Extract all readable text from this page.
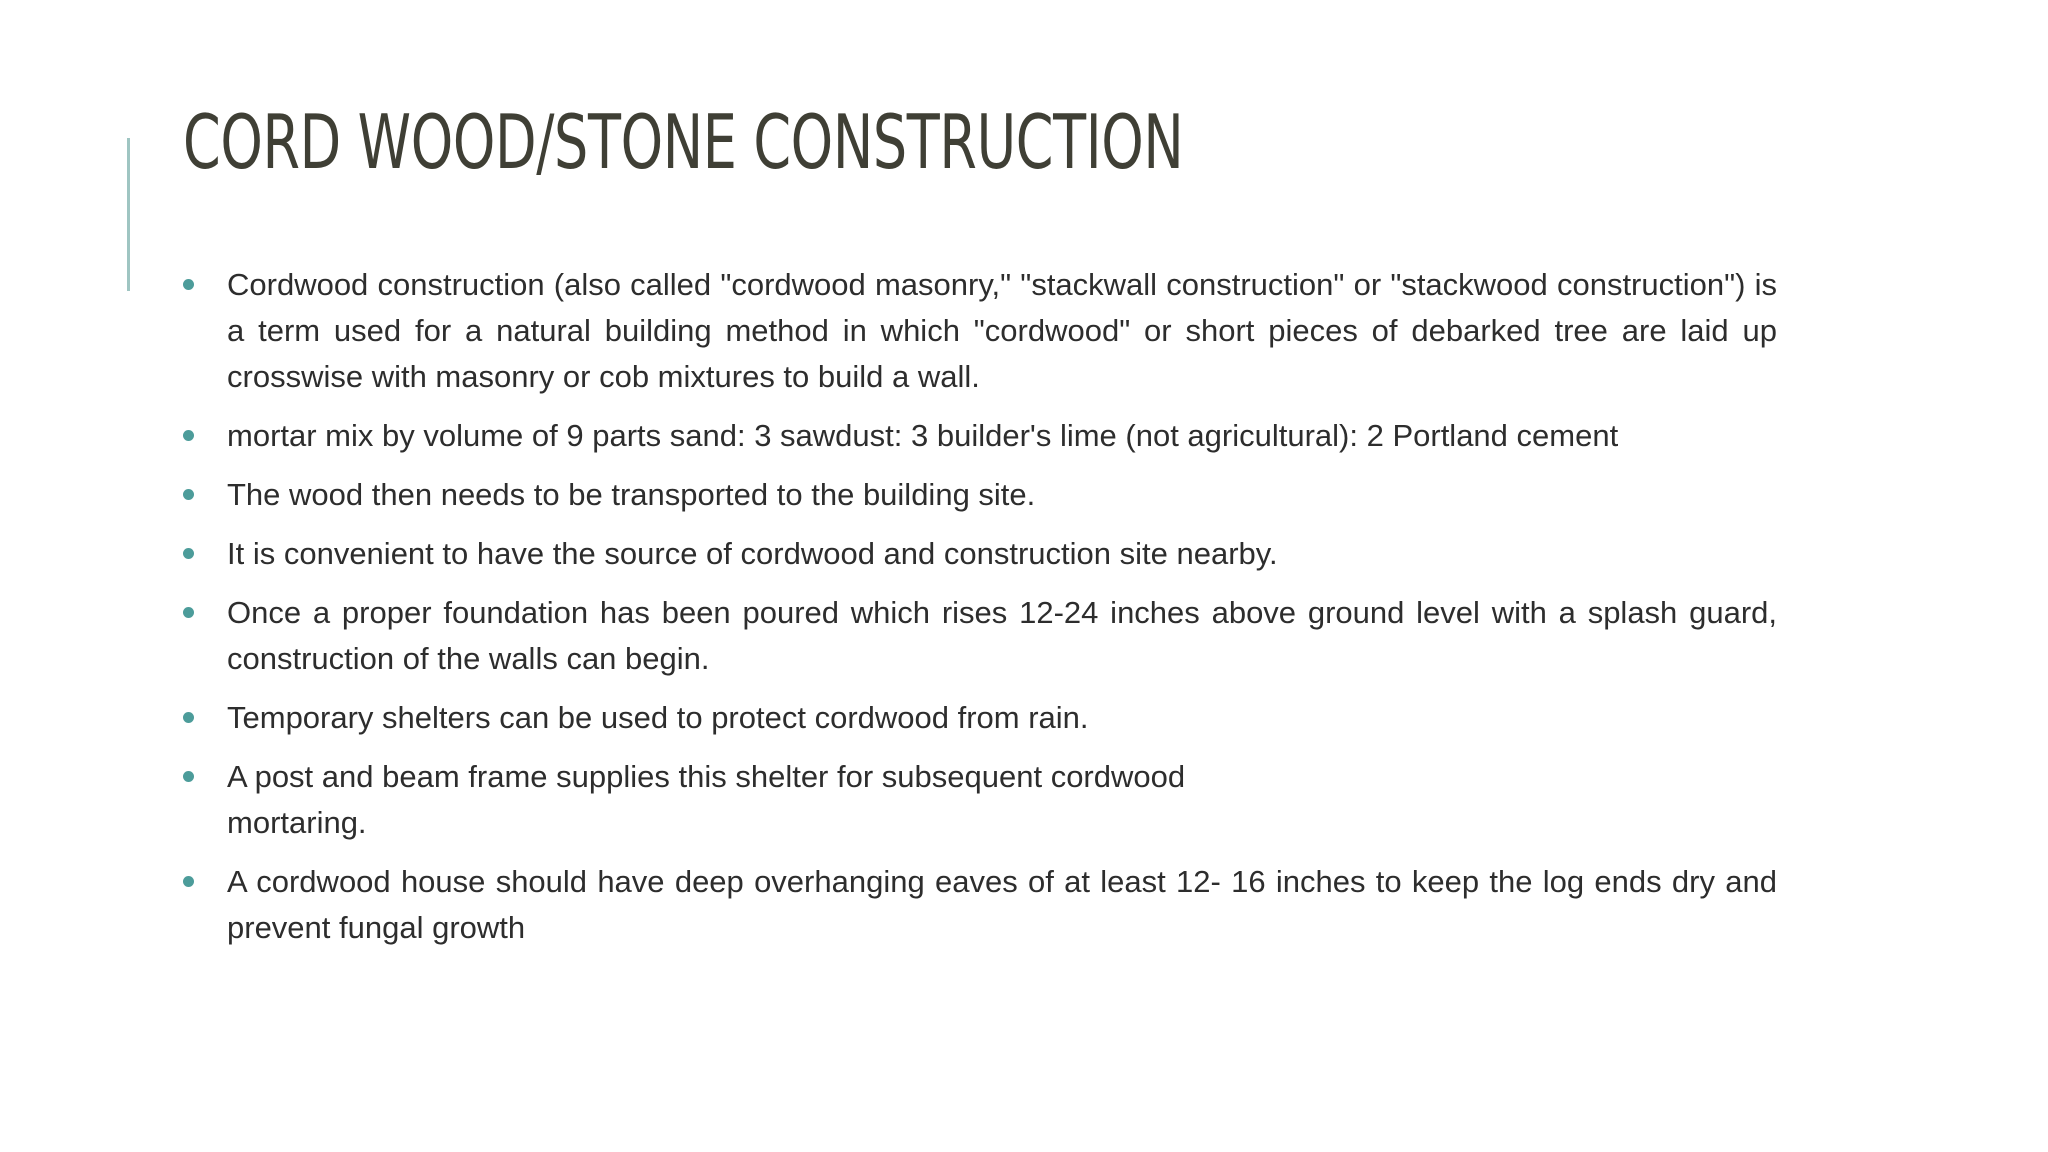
CORD WOOD/STONE CONSTRUCTION
Cordwood construction (also called "cordwood masonry," "stackwall construction" or "stackwood construction") is a term used for a natural building method in which "cordwood" or short pieces of debarked tree are laid up crosswise with masonry or cob mixtures to build a wall.
mortar mix by volume of 9 parts sand: 3 sawdust: 3 builder's lime (not agricultural): 2 Portland cement
The wood then needs to be transported to the building site.
It is convenient to have the source of cordwood and construction site nearby.
Once a proper foundation has been poured which rises 12-24 inches above ground level with a splash guard, construction of the walls can begin.
Temporary shelters can be used to protect cordwood from rain.
A post and beam frame supplies this shelter for subsequent cordwood mortaring.
A cordwood house should have deep overhanging eaves of at least 12- 16 inches to keep the log ends dry and prevent fungal growth
